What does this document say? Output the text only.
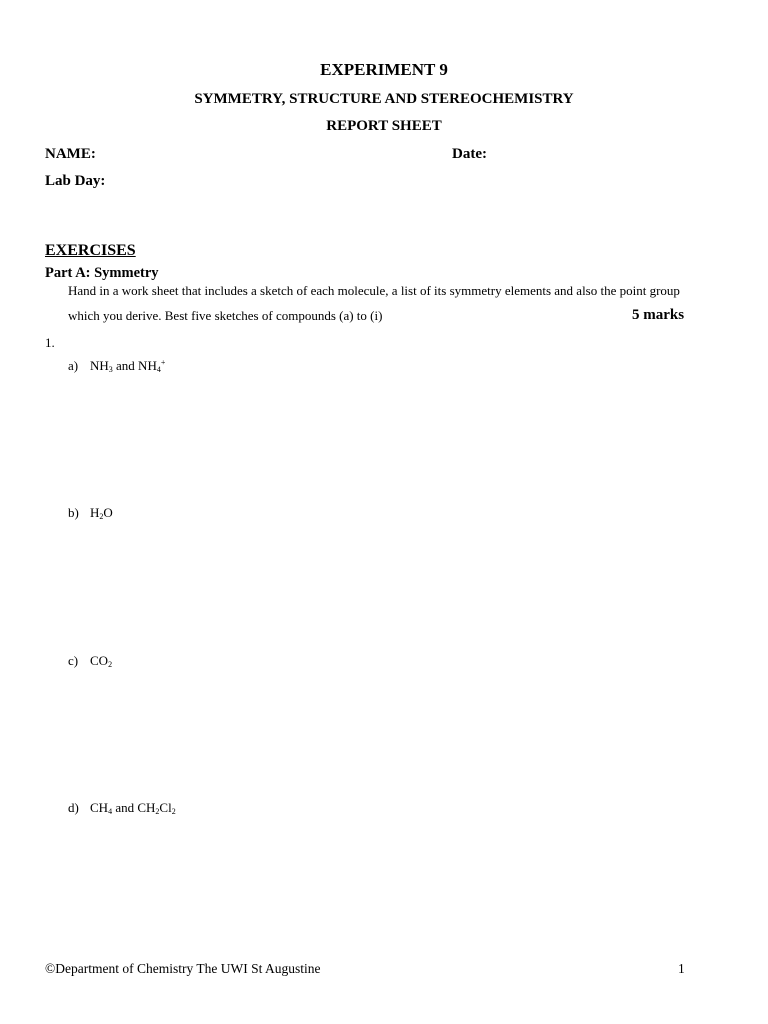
EXPERIMENT 9
SYMMETRY, STRUCTURE AND STEREOCHEMISTRY
REPORT SHEET
NAME:	Date:
Lab Day:
EXERCISES
Part A: Symmetry
Hand in a work sheet that includes a sketch of each molecule, a list of its symmetry elements and also the point group
which you derive. Best five sketches of compounds (a) to (i)	5 marks
1.
a) $NH_3$ and $NH_4^+$
b) $H_2O$
c) $CO_2$
d) $CH_4$ and $CH_2Cl_2$
©Department of Chemistry The UWI St Augustine	1
